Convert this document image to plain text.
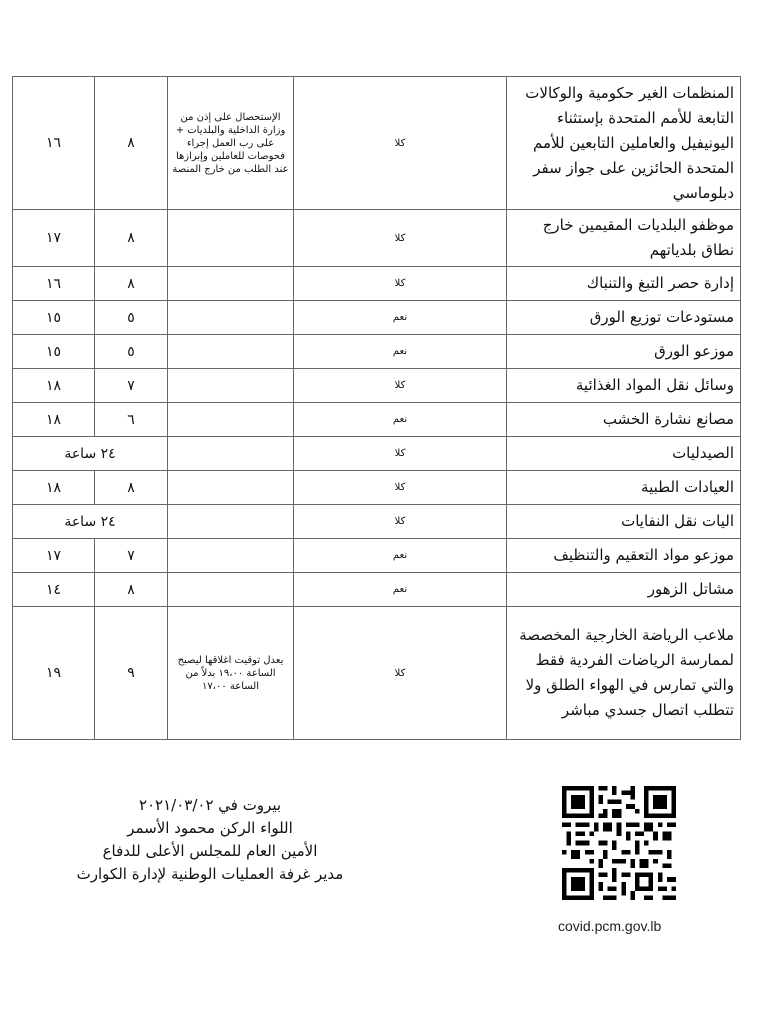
المنظمات الغير حكومية والوكالات التابعة للأمم المتحدة بإستثناء اليونيفيل والعاملين التابعين للأمم المتحدة الحائزين على جواز سفر دبلوماسي	كلا	الإستحصال على إذن من وزارة الداخلية والبلديات + على رب العمل إجراء فحوصات للعاملين وإبرازها عند الطلب من خارج المنصة	٨	١٦
موظفو البلديات المقيمين خارج نطاق بلدياتهم	كلا		٨	١٧
إدارة حصر التبغ والتنباك	كلا		٨	١٦
مستودعات توزيع الورق	نعم		٥	١٥
موزعو الورق	نعم		٥	١٥
وسائل نقل المواد الغذائية	كلا		٧	١٨
مصانع نشارة الخشب	نعم		٦	١٨
الصيدليات	كلا		٢٤ ساعة	
العيادات الطبية	كلا		٨	١٨
اليات نقل النفايات	كلا		٢٤ ساعة	
موزعو مواد التعقيم والتنظيف	نعم		٧	١٧
مشاتل الزهور	نعم		٨	١٤
ملاعب الرياضة الخارجية المخصصة لممارسة الرياضات الفردية فقط والتي تمارس في الهواء الطلق ولا تتطلب اتصال جسدي مباشر	كلا	يعدل توقيت اغلاقها ليصبح الساعة ١٩،٠٠ بدلاً من الساعة ١٧،٠٠	٩	١٩
بيروت في ٢٠٢١/٠٣/٠٢
اللواء الركن محمود الأسمر
الأمين العام للمجلس الأعلى للدفاع
مدير غرفة العمليات الوطنية لإدارة الكوارث
covid.pcm.gov.lb
